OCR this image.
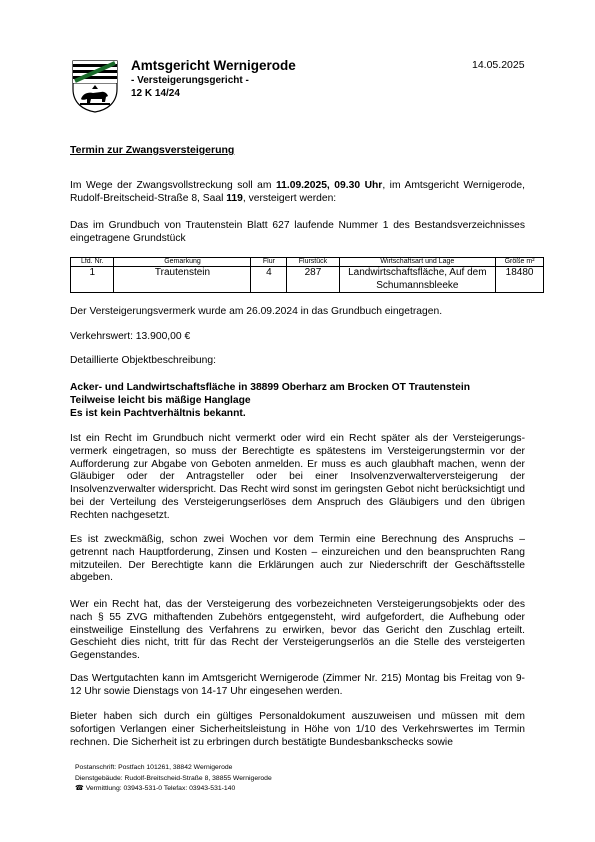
Amtsgericht Wernigerode
- Versteigerungsgericht -
12 K 14/24
14.05.2025
Termin zur Zwangsversteigerung

Im Wege der Zwangsvollstreckung soll am 11.09.2025, 09.30 Uhr, im Amtsgericht Wernigerode, Rudolf-Breitscheid-Straße 8, Saal 119, versteigert werden:

Das im Grundbuch von Trautenstein Blatt 627 laufende Nummer 1 des Bestandsverzeichnisses eingetragene Grundstück

Lfd. Nr.	Gemarkung	Flur	Flurstück	Wirtschaftsart und Lage	Größe m²
1	Trautenstein	4	287	Landwirtschaftsfläche, Auf dem Schumannsbleeke	18480
Der Versteigerungsvermerk wurde am 26.09.2024 in das Grundbuch eingetragen.
Verkehrswert: 13.900,00 €
Detaillierte Objektbeschreibung:
Acker- und Landwirtschaftsfläche in 38899 Oberharz am Brocken OT Trautenstein
Teilweise leicht bis mäßige Hanglage
Es ist kein Pachtverhältnis bekannt.

Ist ein Recht im Grundbuch nicht vermerkt oder wird ein Recht später als der Versteigerungs-vermerk eingetragen, so muss der Berechtigte es spätestens im Versteigerungstermin vor der Aufforderung zur Abgabe von Geboten anmelden. Er muss es auch glaubhaft machen, wenn der Gläubiger oder der Antragsteller oder bei einer Insolvenzverwalterversteigerung der Insolvenzverwalter widerspricht. Das Recht wird sonst im geringsten Gebot nicht berücksichtigt und bei der Verteilung des Versteigerungserlöses dem Anspruch des Gläubigers und den übrigen Rechten nachgesetzt.

Es ist zweckmäßig, schon zwei Wochen vor dem Termin eine Berechnung des Anspruchs – getrennt nach Hauptforderung, Zinsen und Kosten – einzureichen und den beanspruchten Rang mitzuteilen. Der Berechtigte kann die Erklärungen auch zur Niederschrift der Geschäftsstelle abgeben.

Wer ein Recht hat, das der Versteigerung des vorbezeichneten Versteigerungsobjekts oder des nach § 55 ZVG mithaftenden Zubehörs entgegensteht, wird aufgefordert, die Aufhebung oder einstweilige Einstellung des Verfahrens zu erwirken, bevor das Gericht den Zuschlag erteilt. Geschieht dies nicht, tritt für das Recht der Versteigerungserlös an die Stelle des versteigerten Gegenstandes.

Das Wertgutachten kann im Amtsgericht Wernigerode (Zimmer Nr. 215) Montag bis Freitag von 9-12 Uhr sowie Dienstags von 14-17 Uhr eingesehen werden.

Bieter haben sich durch ein gültiges Personaldokument auszuweisen und müssen mit dem sofortigen Verlangen einer Sicherheitsleistung in Höhe von 1/10 des Verkehrswertes im Termin rechnen. Die Sicherheit ist zu erbringen durch bestätigte Bundesbankschecks sowie

Postanschrift: Postfach 101261, 38842 Wernigerode
Dienstgebäude: Rudolf-Breitscheid-Straße 8, 38855 Wernigerode
☎ Vermittlung: 03943-531-0 Telefax: 03943-531-140
